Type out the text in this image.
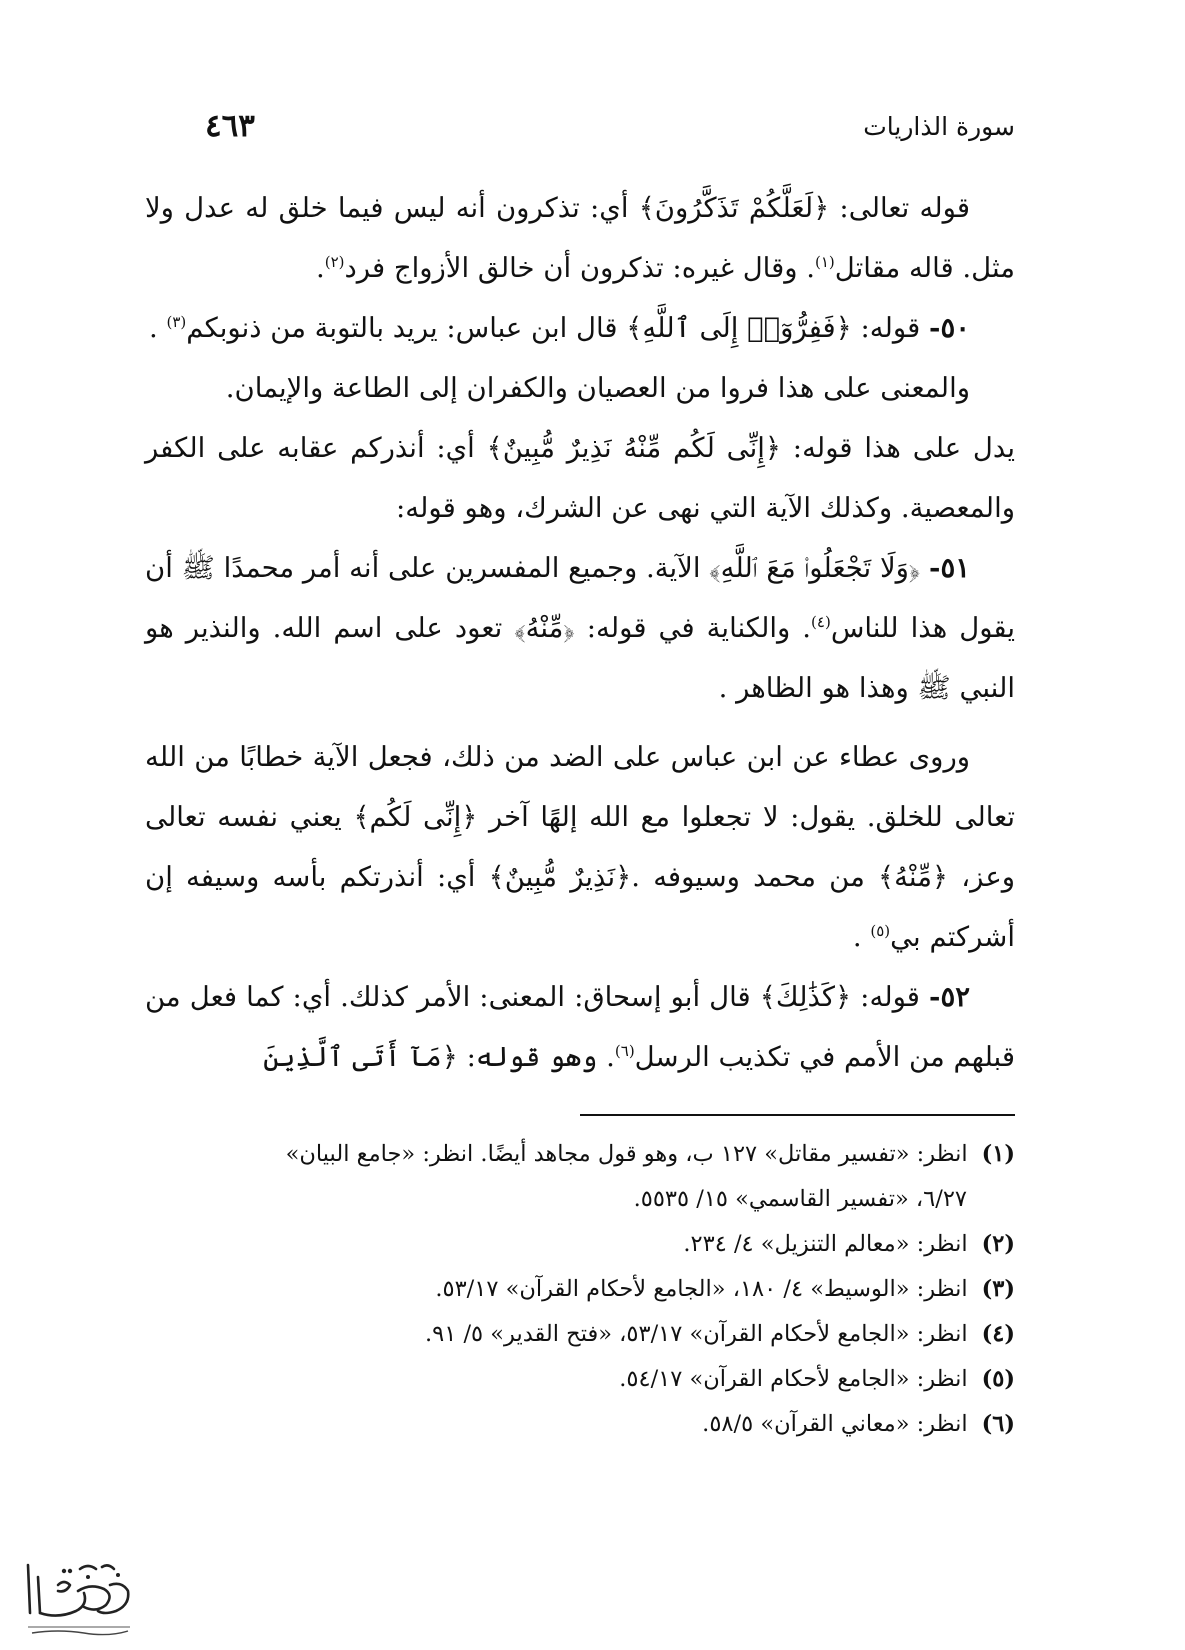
سورة الذاريات
٤٦٣

قوله تعالى: ﴿لَعَلَّكُمْ تَذَكَّرُونَ﴾ أي: تذكرون أنه ليس فيما خلق له عدل ولا مثل. قاله مقاتل$^{(١)}$. وقال غيره: تذكرون أن خالق الأزواج فرد$^{(٢)}$.

٥٠- قوله: ﴿فَفِرُّوٓا۟ إِلَى ٱللَّهِ﴾ قال ابن عباس: يريد بالتوبة من ذنوبكم$^{(٣)}$ .

والمعنى على هذا فروا من العصيان والكفران إلى الطاعة والإيمان.

يدل على هذا قوله: ﴿إِنِّى لَكُم مِّنْهُ نَذِيرٌ مُّبِينٌ﴾ أي: أنذركم عقابه على الكفر والمعصية. وكذلك الآية التي نهى عن الشرك، وهو قوله:

٥١- ﴿وَلَا تَجْعَلُوا۟ مَعَ ٱللَّهِ﴾ الآية. وجميع المفسرين على أنه أمر محمدًا ﷺ أن يقول هذا للناس$^{(٤)}$. والكناية في قوله: ﴿مِّنْهُ﴾ تعود على اسم الله. والنذير هو النبي ﷺ وهذا هو الظاهر .

وروى عطاء عن ابن عباس على الضد من ذلك، فجعل الآية خطابًا من الله تعالى للخلق. يقول: لا تجعلوا مع الله إلهًا آخر ﴿إِنِّى لَكُم﴾ يعني نفسه تعالى وعز، ﴿مِّنْهُ﴾ من محمد وسيوفه .﴿نَذِيرٌ مُّبِينٌ﴾ أي: أنذرتكم بأسه وسيفه إن أشركتم بي$^{(٥)}$ .

٥٢- قوله: ﴿كَذَٰلِكَ﴾ قال أبو إسحاق: المعنى: الأمر كذلك. أي: كما فعل من قبلهم من الأمم في تكذيب الرسل$^{(٦)}$. وهو قوله: ﴿مَآ أَتَى ٱلَّذِينَ

(١)انظر: «تفسير مقاتل» ١٢٧ ب، وهو قول مجاهد أيضًا. انظر: «جامع البيان»

٦/٢٧، «تفسير القاسمي» ١٥/ ٥٥٣٥.

(٢)انظر: «معالم التنزيل» ٤/ ٢٣٤.

(٣)انظر: «الوسيط» ٤/ ١٨٠، «الجامع لأحكام القرآن» ٥٣/١٧.

(٤)انظر: «الجامع لأحكام القرآن» ٥٣/١٧، «فتح القدير» ٥/ ٩١.

(٥)انظر: «الجامع لأحكام القرآن» ٥٤/١٧.

(٦)انظر: «معاني القرآن» ٥٨/٥.
